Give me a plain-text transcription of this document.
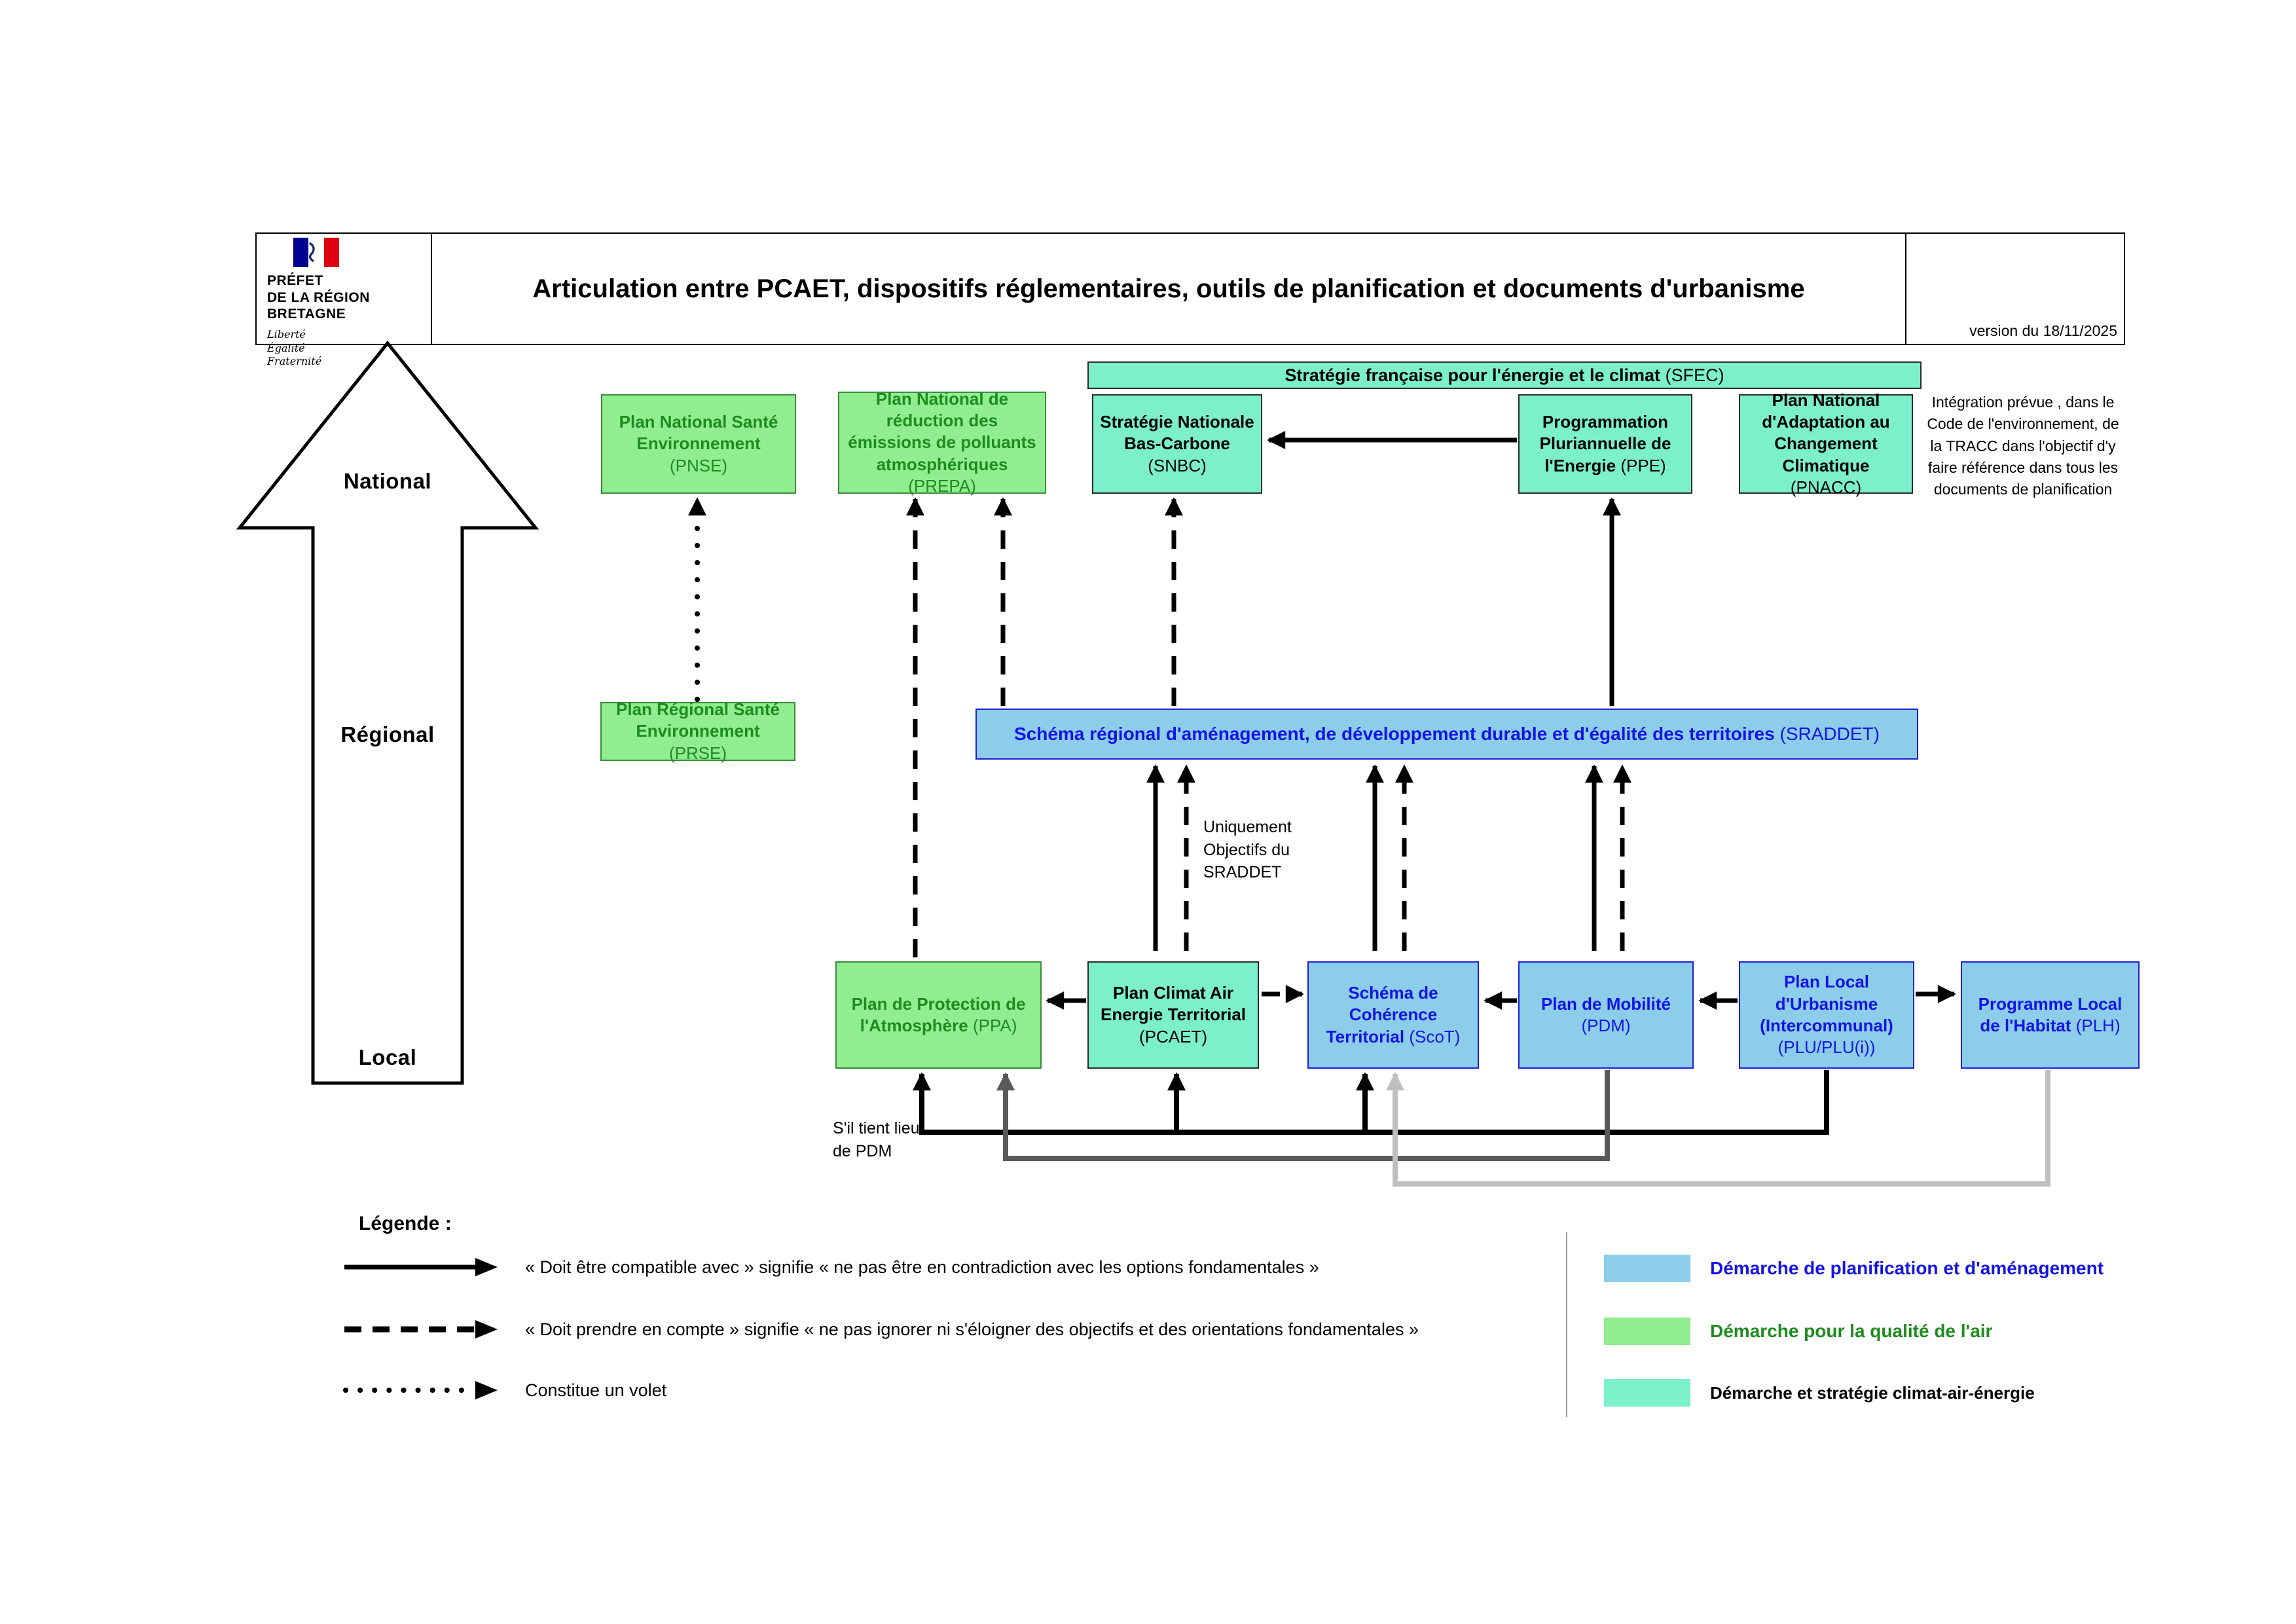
PRÉFET
DE LA RÉGION
BRETAGNE
Liberté
Égalité
Fraternité
Articulation entre PCAET, dispositifs réglementaires, outils de planification et documents d'urbanisme
version du 18/11/2025
National
Régional
Local
Stratégie française pour l'énergie et le climat (SFEC)
Plan National Santé Environnement (PNSE)
Plan National de réduction des émissions de polluants atmosphériques (PREPA)
Stratégie Nationale Bas-Carbone (SNBC)
Programmation Pluriannuelle de l'Energie (PPE)
Plan National d'Adaptation au Changement Climatique (PNACC)
Intégration prévue , dans le Code de l'environnement, de la TRACC dans l'objectif d'y faire référence dans tous les documents de planification
Plan Régional Santé Environnement (PRSE)
Schéma régional d'aménagement, de développement durable et d'égalité des territoires (SRADDET)
Plan de Protection de l'Atmosphère (PPA)
Plan Climat Air Energie Territorial (PCAET)
Schéma de Cohérence Territorial (ScoT)
Plan de Mobilité (PDM)
Plan Local d'Urbanisme (Intercommunal) (PLU/PLU(i))
Programme Local de l'Habitat (PLH)
Uniquement Objectifs du SRADDET
S'il tient lieu de PDM
Légende :
« Doit être compatible avec » signifie « ne pas être en contradiction avec les options fondamentales »
« Doit prendre en compte » signifie « ne pas ignorer ni s'éloigner des objectifs et des orientations fondamentales »
Constitue un volet
Démarche de planification et d'aménagement
Démarche pour la qualité de l'air
Démarche et stratégie climat-air-énergie
